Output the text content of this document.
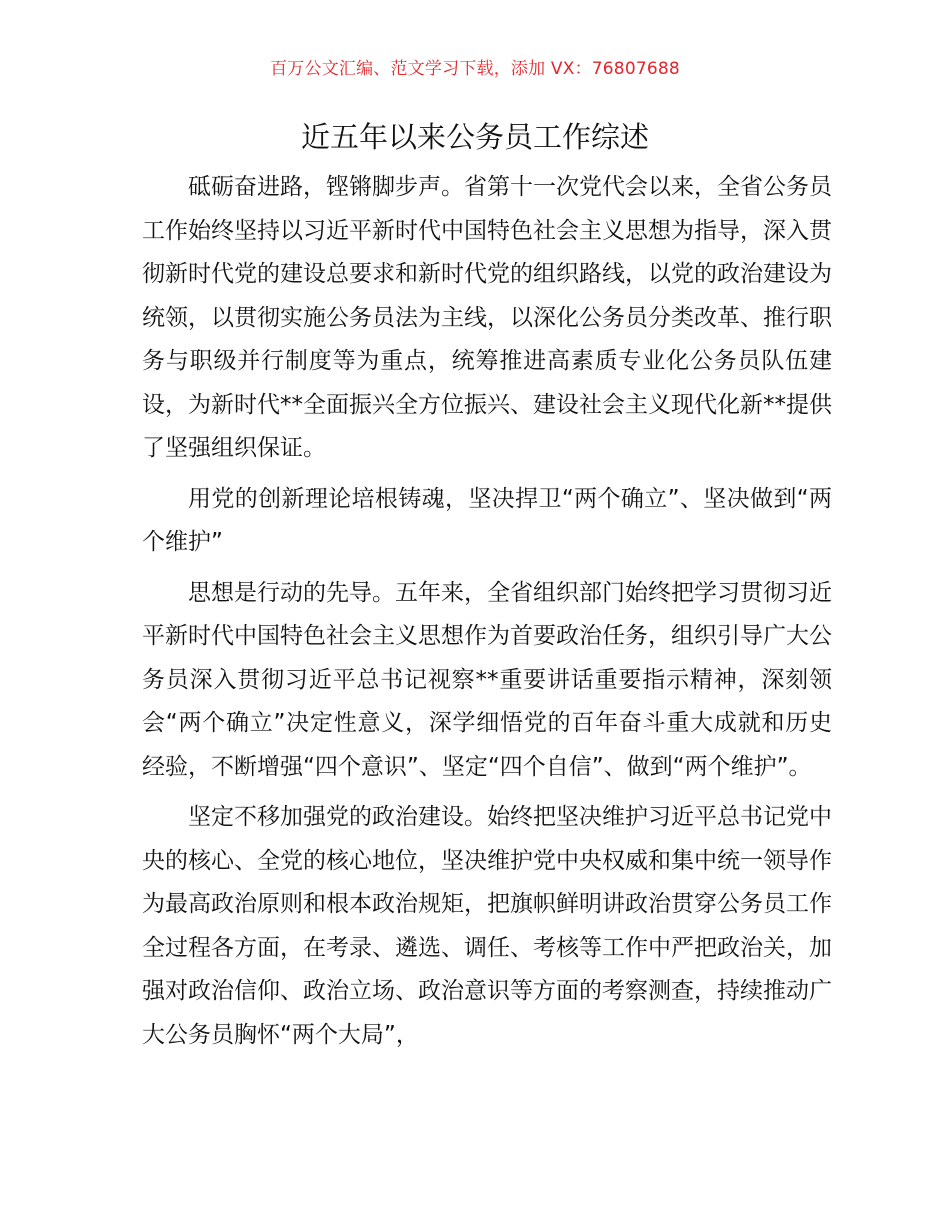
百万公文汇编、范文学习下载，添加 VX：76807688
近五年以来公务员工作综述

砥砺奋进路，铿锵脚步声。省第十一次党代会以来，全省公务员工作始终坚持以习近平新时代中国特色社会主义思想为指导，深入贯彻新时代党的建设总要求和新时代党的组织路线，以党的政治建设为统领，以贯彻实施公务员法为主线，以深化公务员分类改革、推行职务与职级并行制度等为重点，统筹推进高素质专业化公务员队伍建设，为新时代**全面振兴全方位振兴、建设社会主义现代化新**提供了坚强组织保证。

用党的创新理论培根铸魂，坚决捍卫“两个确立”、坚决做到“两个维护”

思想是行动的先导。五年来，全省组织部门始终把学习贯彻习近平新时代中国特色社会主义思想作为首要政治任务，组织引导广大公务员深入贯彻习近平总书记视察**重要讲话重要指示精神，深刻领会“两个确立”决定性意义，深学细悟党的百年奋斗重大成就和历史经验，不断增强“四个意识”、坚定“四个自信”、做到“两个维护”。

坚定不移加强党的政治建设。始终把坚决维护习近平总书记党中央的核心、全党的核心地位，坚决维护党中央权威和集中统一领导作为最高政治原则和根本政治规矩，把旗帜鲜明讲政治贯穿公务员工作全过程各方面，在考录、遴选、调任、考核等工作中严把政治关，加强对政治信仰、政治立场、政治意识等方面的考察测查，持续推动广大公务员胸怀“两个大局”，
